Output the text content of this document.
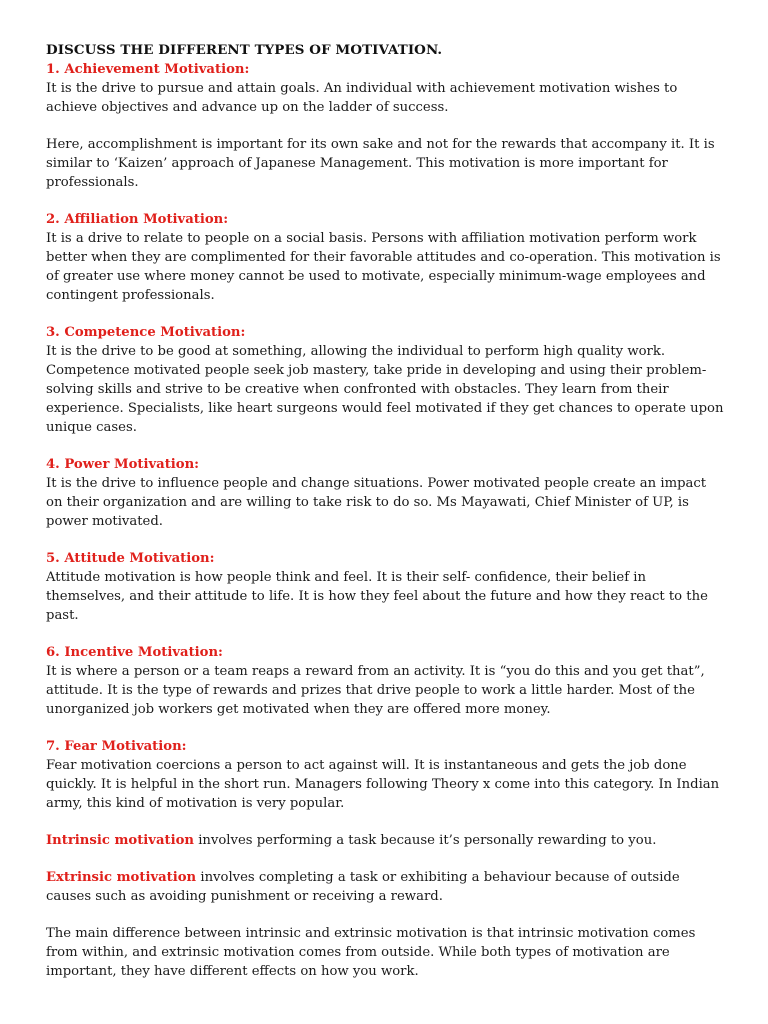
DISCUSS THE DIFFERENT TYPES OF MOTIVATION.
1. Achievement Motivation:

It is the drive to pursue and attain goals. An individual with achievement motivation wishes to achieve objectives and advance up on the ladder of success.

Here, accomplishment is important for its own sake and not for the rewards that accompany it. It is similar to ‘Kaizen’ approach of Japanese Management. This motivation is more important for professionals.

2. Affiliation Motivation:

It is a drive to relate to people on a social basis. Persons with affiliation motivation perform work better when they are complimented for their favorable attitudes and co-operation. This motivation is of greater use where money cannot be used to motivate, especially minimum-wage employees and contingent professionals.

3. Competence Motivation:

It is the drive to be good at something, allowing the individual to perform high quality work. Competence motivated people seek job mastery, take pride in developing and using their problem-solving skills and strive to be creative when confronted with obstacles. They learn from their experience. Specialists, like heart surgeons would feel motivated if they get chances to operate upon unique cases.

4. Power Motivation:

It is the drive to influence people and change situations. Power motivated people create an impact on their organization and are willing to take risk to do so. Ms Mayawati, Chief Minister of UP, is power motivated.

5. Attitude Motivation:

Attitude motivation is how people think and feel. It is their self- confidence, their belief in themselves, and their attitude to life. It is how they feel about the future and how they react to the past.

6. Incentive Motivation:

It is where a person or a team reaps a reward from an activity. It is “you do this and you get that”, attitude. It is the type of rewards and prizes that drive people to work a little harder. Most of the unorganized job workers get motivated when they are offered more money.

7. Fear Motivation:

Fear motivation coercions a person to act against will. It is instantaneous and gets the job done quickly. It is helpful in the short run. Managers following Theory x come into this category. In Indian army, this kind of motivation is very popular.

Intrinsic motivation involves performing a task because it’s personally rewarding to you.

Extrinsic motivation involves completing a task or exhibiting a behaviour because of outside causes such as avoiding punishment or receiving a reward.

The main difference between intrinsic and extrinsic motivation is that intrinsic motivation comes from within, and extrinsic motivation comes from outside. While both types of motivation are important, they have different effects on how you work.
